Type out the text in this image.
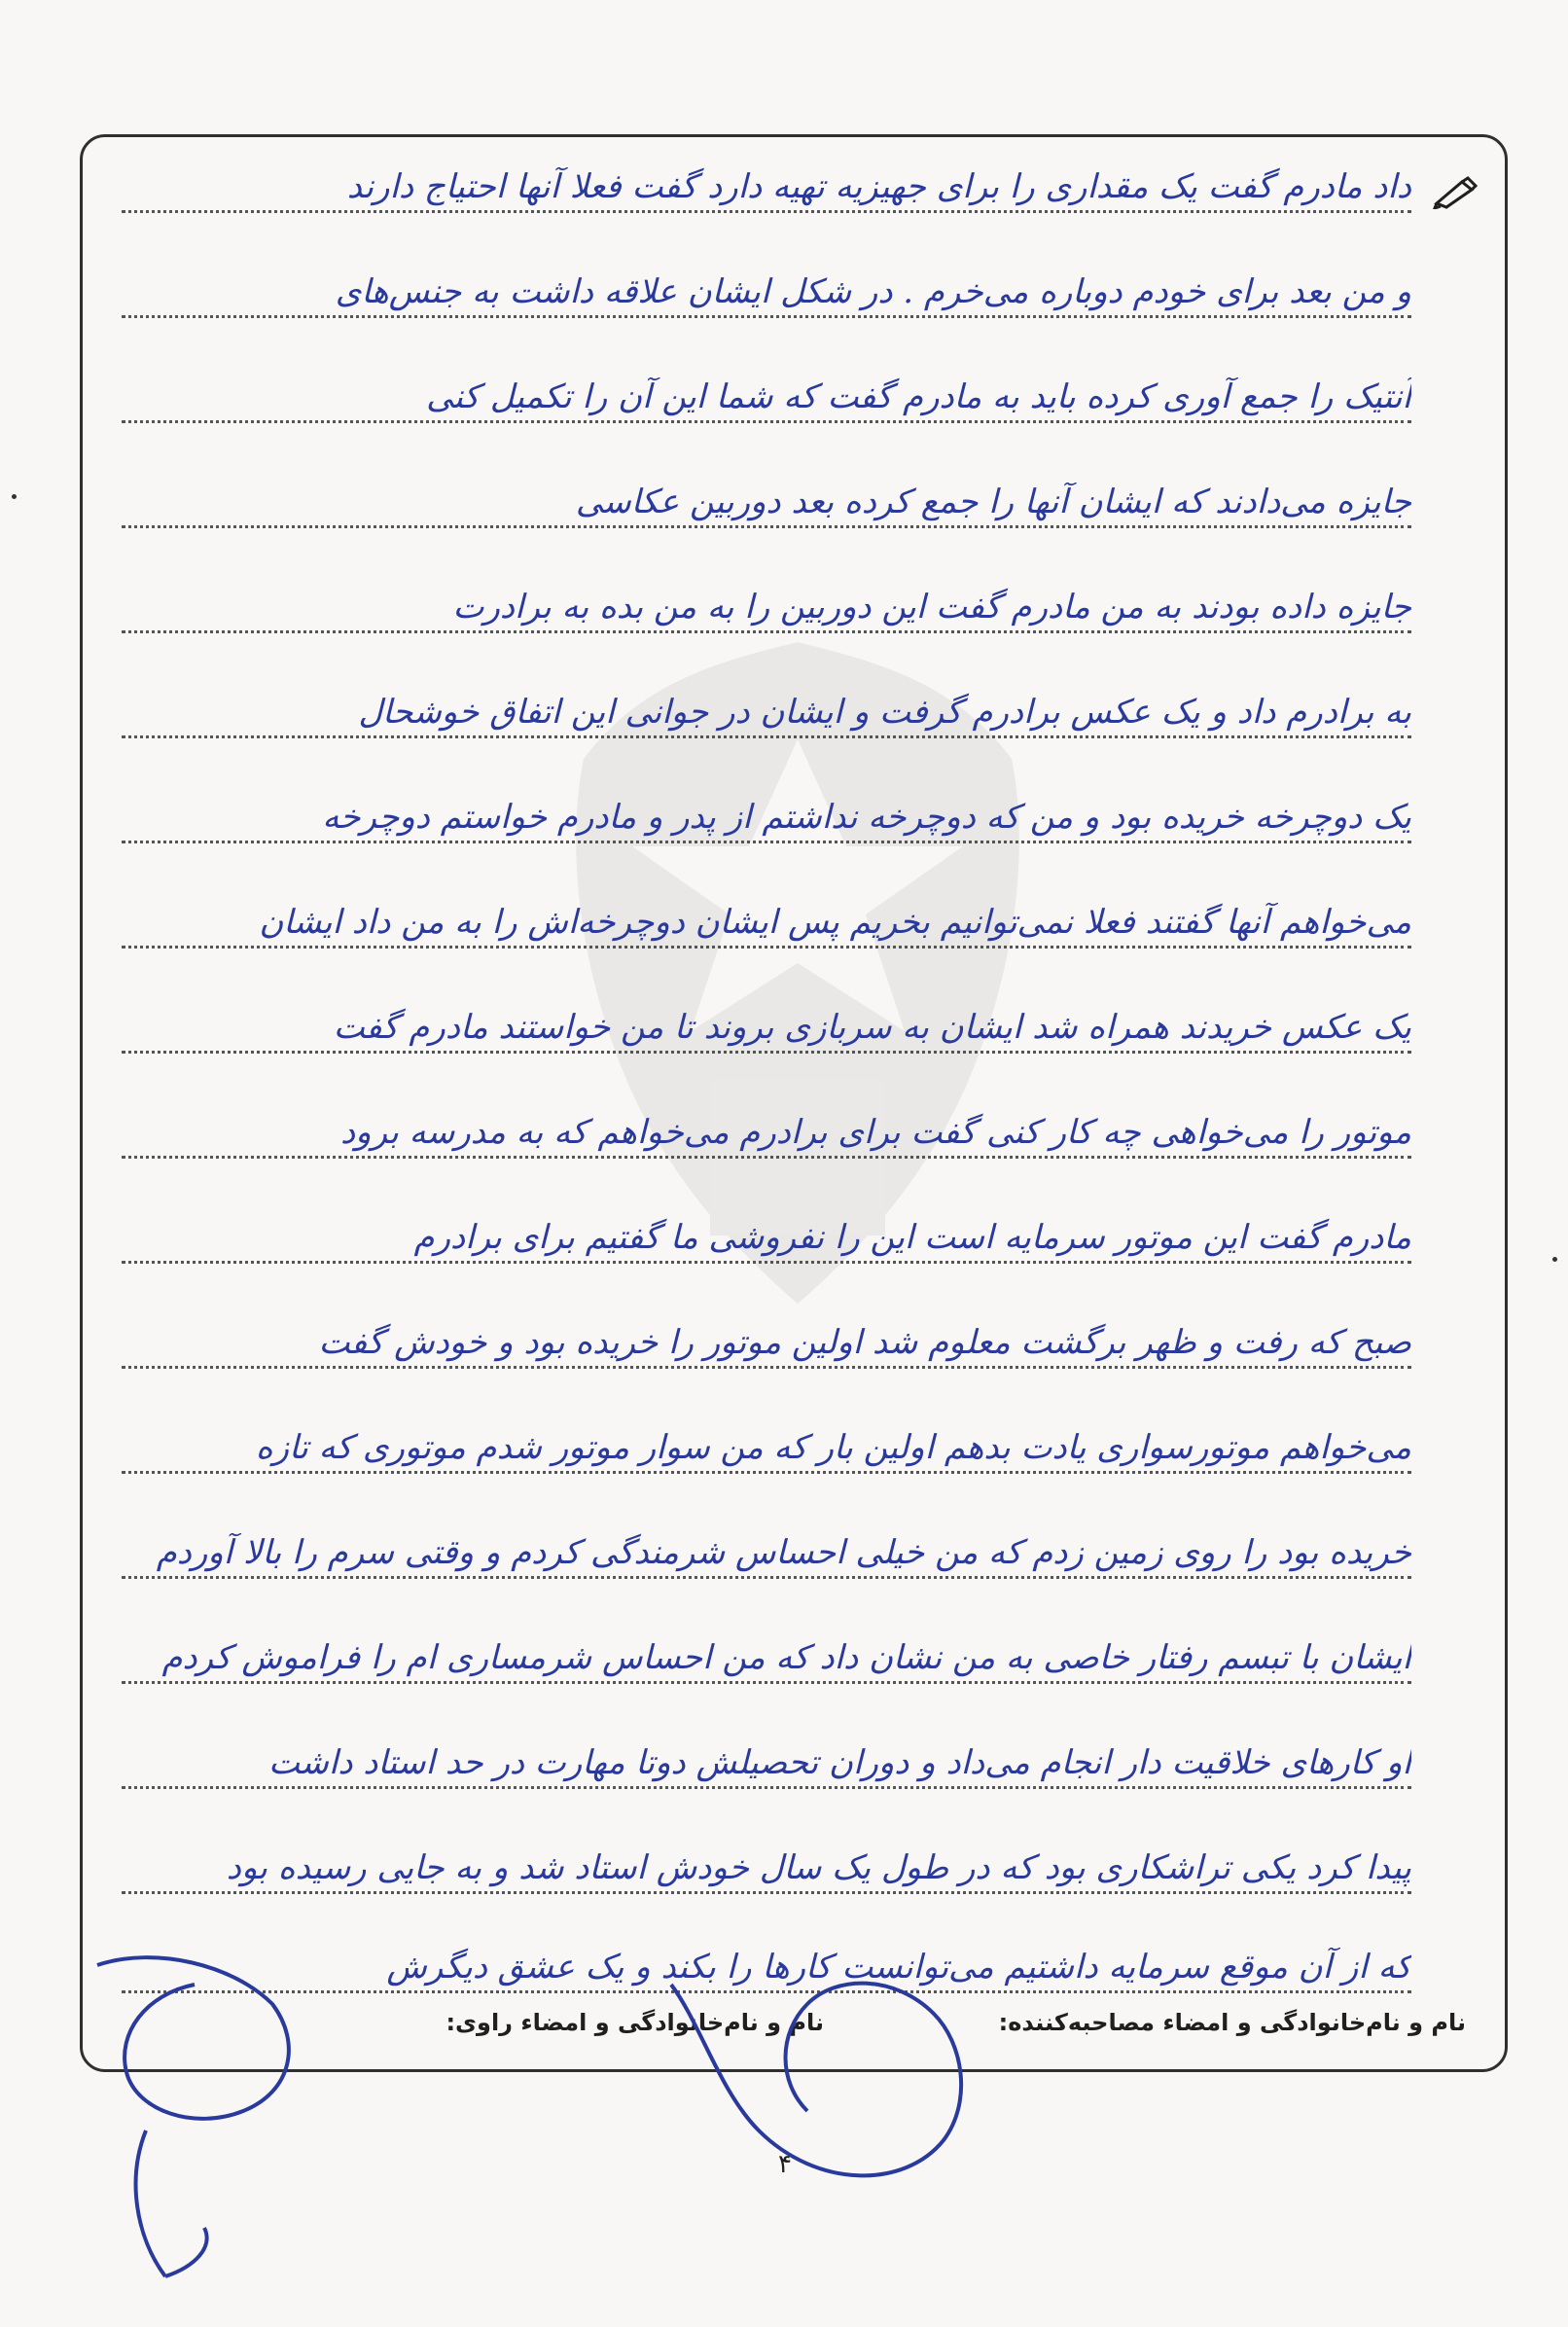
داد مادرم گفت یک مقداری را برای جهیزیه تهیه دارد گفت فعلا آنها احتیاج دارند
و من بعد برای خودم دوباره می‌خرم . در شکل ایشان علاقه داشت به جنس‌های
آنتیک را جمع آوری کرده باید به مادرم گفت که شما این آن را تکمیل کنی
جایزه می‌دادند که ایشان آنها را جمع کرده بعد دوربین عکاسی
جایزه داده بودند به من مادرم گفت این دوربین را به من بده به برادرت
به برادرم داد و یک عکس برادرم گرفت و ایشان در جوانی این اتفاق خوشحال
یک دوچرخه خریده بود و من که دوچرخه نداشتم از پدر و مادرم خواستم دوچرخه
می‌خواهم آنها گفتند فعلا نمی‌توانیم بخریم پس ایشان دوچرخه‌اش را به من داد ایشان
یک عکس خریدند همراه شد ایشان به سربازی بروند تا من خواستند مادرم گفت
موتور را می‌خواهی چه کار کنی گفت برای برادرم می‌خواهم که به مدرسه برود
مادرم گفت این موتور سرمایه است این را نفروشی ما گفتیم برای برادرم
صبح که رفت و ظهر برگشت معلوم شد اولین موتور را خریده بود و خودش گفت
می‌خواهم موتورسواری یادت بدهم اولین بار که من سوار موتور شدم موتوری که تازه
خریده بود را روی زمین زدم که من خیلی احساس شرمندگی کردم و وقتی سرم را بالا آوردم
ایشان با تبسم رفتار خاصی به من نشان داد که من احساس شرمساری ام را فراموش کردم
او کارهای خلاقیت دار انجام می‌داد و دوران تحصیلش دوتا مهارت در حد استاد داشت
پیدا کرد یکی تراشکاری بود که در طول یک سال خودش استاد شد و به جایی رسیده بود
که از آن موقع سرمایه داشتیم می‌توانست کارها را بکند و یک عشق دیگرش
نام و نام‌خانوادگی و امضاء مصاحبه‌کننده:
نام و نام‌خانوادگی و امضاء راوی:
۴
